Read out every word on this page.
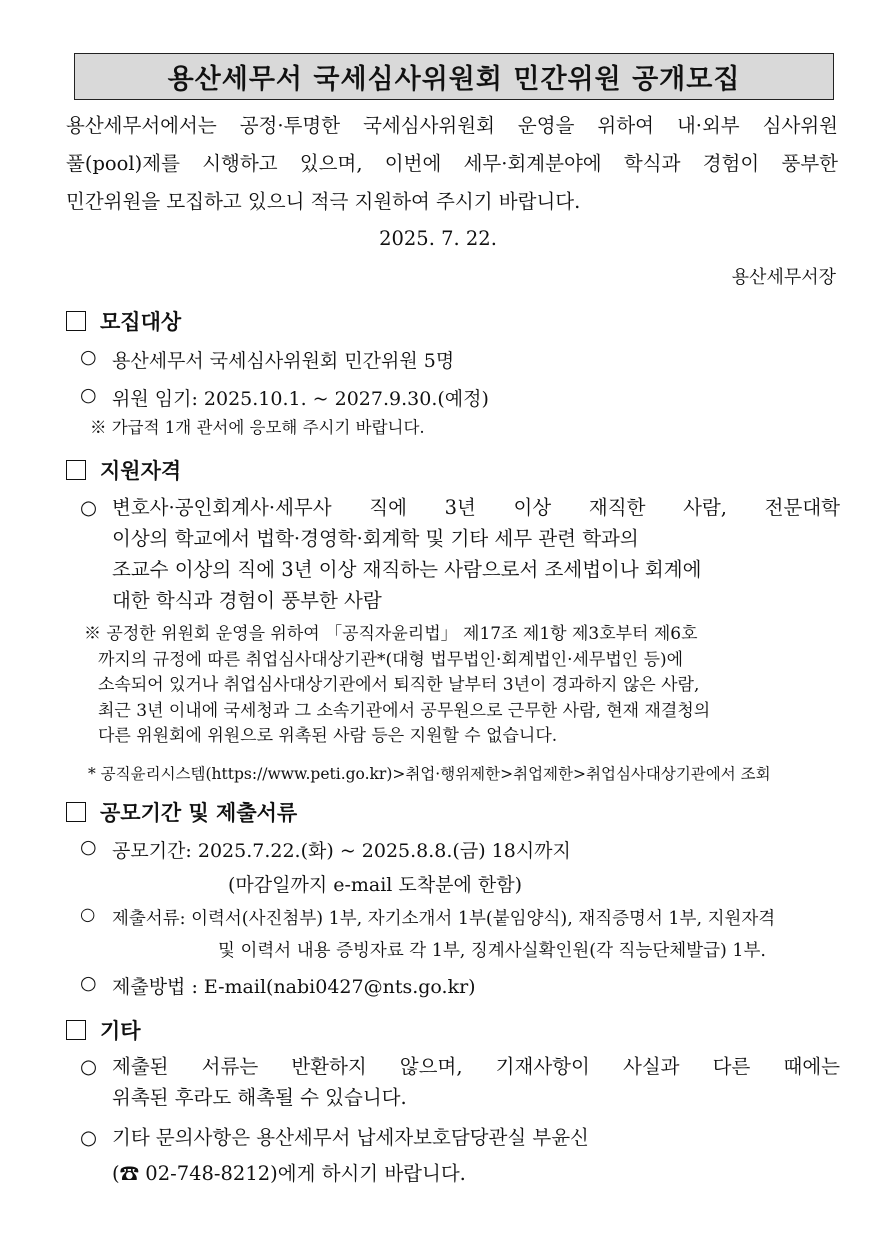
용산세무서 국세심사위원회 민간위원 공개모집
용산세무서에서는 공정·투명한 국세심사위원회 운영을 위하여 내·외부 심사위원
풀(pool)제를 시행하고 있으며, 이번에 세무·회계분야에 학식과 경험이 풍부한
민간위원을 모집하고 있으니 적극 지원하여 주시기 바랍니다.
2025. 7. 22.
용산세무서장
모집대상
○ 용산세무서 국세심사위원회 민간위원 5명
○ 위원 임기: 2025.10.1. ~ 2027.9.30.(예정)
※ 가급적 1개 관서에 응모해 주시기 바랍니다.
지원자격
○ 변호사·공인회계사·세무사 직에 3년 이상 재직한 사람, 전문대학
이상의 학교에서 법학·경영학·회계학 및 기타 세무 관련 학과의
조교수 이상의 직에 3년 이상 재직하는 사람으로서 조세법이나 회계에
대한 학식과 경험이 풍부한 사람
※ 공정한 위원회 운영을 위하여 「공직자윤리법」 제17조 제1항 제3호부터 제6호
까지의 규정에 따른 취업심사대상기관*(대형 법무법인·회계법인·세무법인 등)에
소속되어 있거나 취업심사대상기관에서 퇴직한 날부터 3년이 경과하지 않은 사람,
최근 3년 이내에 국세청과 그 소속기관에서 공무원으로 근무한 사람, 현재 재결청의
다른 위원회에 위원으로 위촉된 사람 등은 지원할 수 없습니다.
* 공직윤리시스템(https://www.peti.go.kr)>취업·행위제한>취업제한>취업심사대상기관에서 조회
공모기간 및 제출서류
○ 공모기간: 2025.7.22.(화) ~ 2025.8.8.(금) 18시까지
(마감일까지 e-mail 도착분에 한함)
○ 제출서류: 이력서(사진첨부) 1부, 자기소개서 1부(붙임양식), 재직증명서 1부, 지원자격
및 이력서 내용 증빙자료 각 1부, 징계사실확인원(각 직능단체발급) 1부.
○ 제출방법 : E-mail(nabi0427@nts.go.kr)
기타
○ 제출된 서류는 반환하지 않으며, 기재사항이 사실과 다른 때에는
위촉된 후라도 해촉될 수 있습니다.
○ 기타 문의사항은 용산세무서 납세자보호담당관실 부윤신
(☎ 02-748-8212)에게 하시기 바랍니다.
